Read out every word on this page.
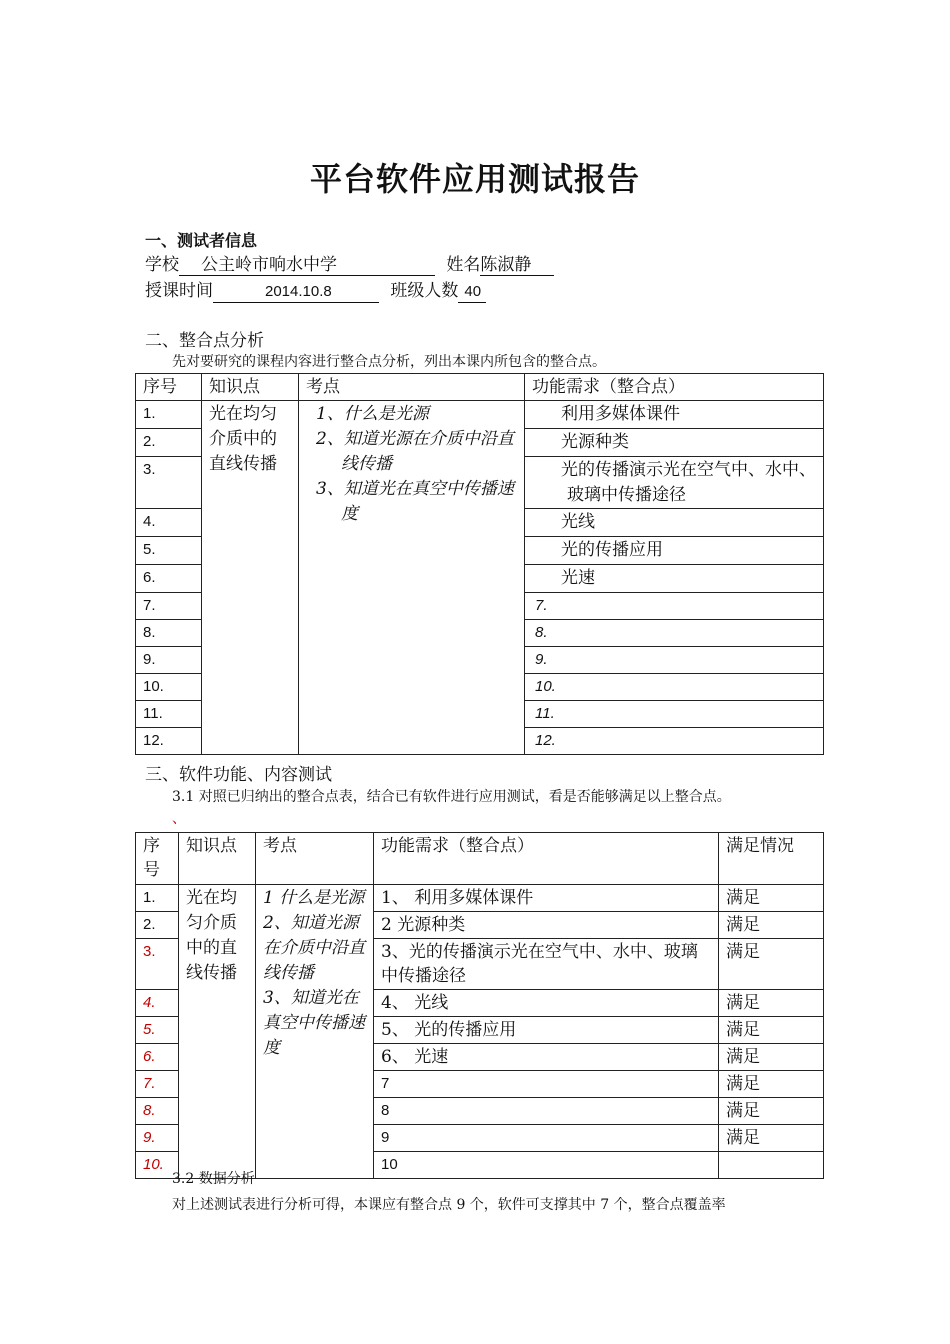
平台软件应用测试报告
一、测试者信息
学校 公主岭市响水中学	姓名陈淑静
授课时间	2014.10.8	班级人数 40
二、整合点分析
先对要研究的课程内容进行整合点分析，列出本课内所包含的整合点。
序号	知识点	考点	功能需求（整合点）
1.	光在均匀介质中的直线传播	1、什么是光源
2、知道光源在介质中沿直线传播
3、知道光在真空中传播速度	利用多媒体课件
2.			光源种类
3.			光的传播演示光在空气中、水中、玻璃中传播途径
4.			光线
5.			光的传播应用
6.			光速
7.			7.
8.			8.
9.			9.
10.			10.
11.			11.
12.			12.
三、软件功能、内容测试
3.1 对照已归纳出的整合点表，结合已有软件进行应用测试，看是否能够满足以上整合点。
、
序号	知识点	考点	功能需求（整合点）	满足情况
1.	光在均匀介质中的直线传播	1 什么是光源
2、知道光源在介质中沿直线传播
3、知道光在真空中传播速度	1、 利用多媒体课件	满足
2.			2 光源种类	满足
3.			3、光的传播演示光在空气中、水中、玻璃中传播途径	满足
4.			4、 光线	满足
5.			5、 光的传播应用	满足
6.			6、 光速	满足
7.			7	满足
8.			8	满足
9.			9	满足
10.			10	
3.2 数据分析
对上述测试表进行分析可得，本课应有整合点 9 个，软件可支撑其中 7 个，整合点覆盖率
